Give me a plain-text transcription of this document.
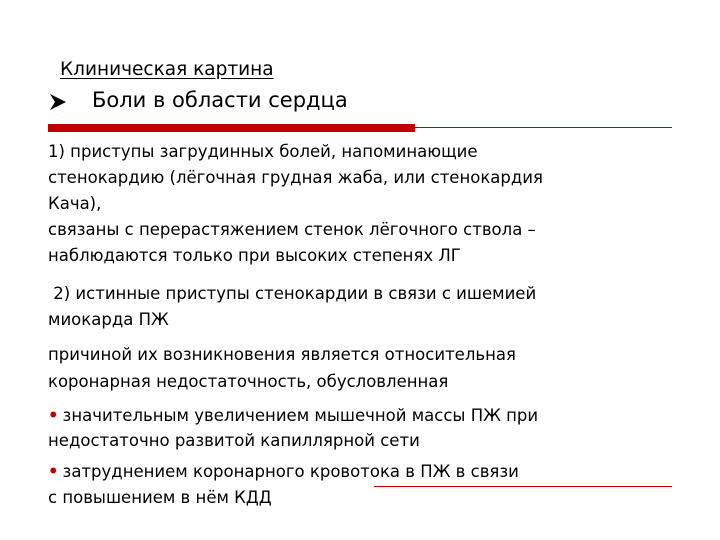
Клиническая картина
Боли в области сердца
1) приступы загрудинных болей, напоминающие
стенокардию (лёгочная грудная жаба, или стенокардия
Кача),
связаны с перерастяжением стенок лёгочного ствола –
наблюдаются только при высоких степенях ЛГ
2) истинные приступы стенокардии в связи с ишемией
миокарда ПЖ
причиной их возникновения является относительная
коронарная недостаточность, обусловленная
• значительным увеличением мышечной массы ПЖ при
недостаточно развитой капиллярной сети
• затруднением коронарного кровотока в ПЖ в связи
с повышением в нём КДД
